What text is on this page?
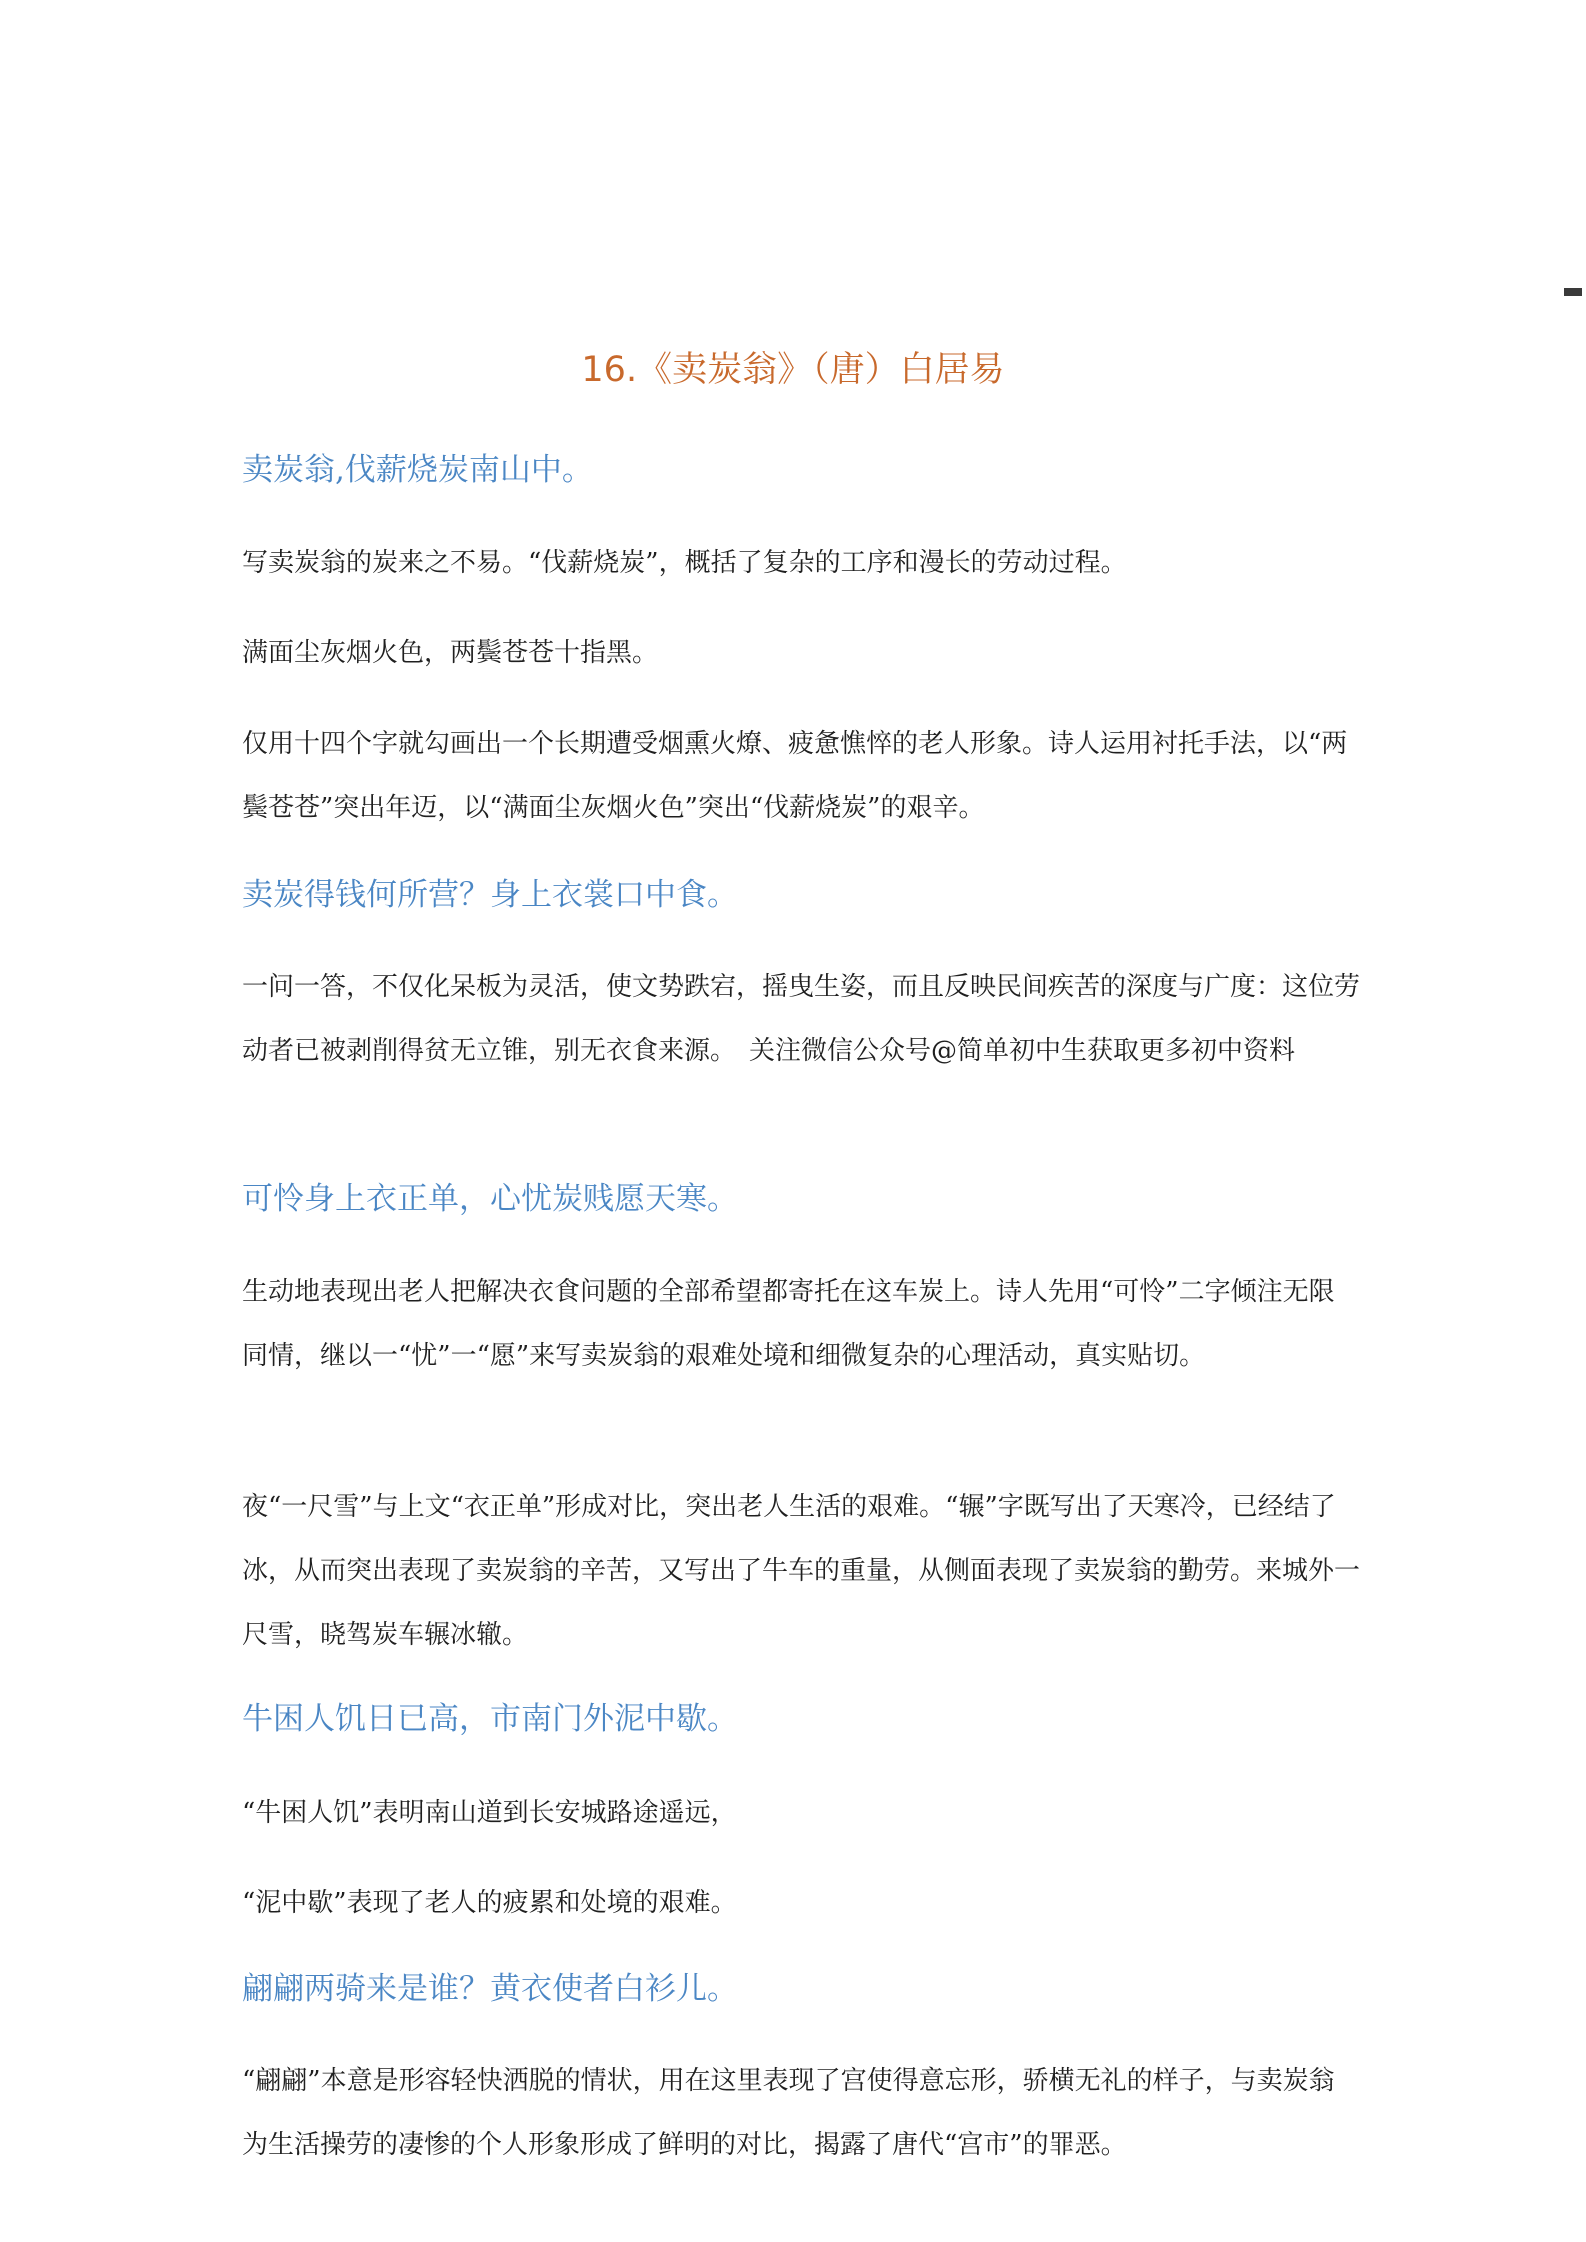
16.《卖炭翁》（唐）白居易
卖炭翁,伐薪烧炭南山中。

写卖炭翁的炭来之不易。“伐薪烧炭”，概括了复杂的工序和漫长的劳动过程。

满面尘灰烟火色，两鬓苍苍十指黑。

仅用十四个字就勾画出一个长期遭受烟熏火燎、疲惫憔悴的老人形象。诗人运用衬托手法，以“两鬓苍苍”突出年迈，以“满面尘灰烟火色”突出“伐薪烧炭”的艰辛。

卖炭得钱何所营？身上衣裳口中食。

一问一答，不仅化呆板为灵活，使文势跌宕，摇曳生姿，而且反映民间疾苦的深度与广度：这位劳动者已被剥削得贫无立锥，别无衣食来源。　关注微信公众号@简单初中生获取更多初中资料

可怜身上衣正单，心忧炭贱愿天寒。

生动地表现出老人把解决衣食问题的全部希望都寄托在这车炭上。诗人先用“可怜”二字倾注无限同情，继以一“忧”一“愿”来写卖炭翁的艰难处境和细微复杂的心理活动，真实贴切。

夜“一尺雪”与上文“衣正单”形成对比，突出老人生活的艰难。“辗”字既写出了天寒冷，已经结了冰，从而突出表现了卖炭翁的辛苦，又写出了牛车的重量，从侧面表现了卖炭翁的勤劳。来城外一尺雪，晓驾炭车辗冰辙。

牛困人饥日已高，市南门外泥中歇。

“牛困人饥”表明南山道到长安城路途遥远，

“泥中歇”表现了老人的疲累和处境的艰难。

翩翩两骑来是谁？黄衣使者白衫儿。

“翩翩”本意是形容轻快洒脱的情状，用在这里表现了宫使得意忘形，骄横无礼的样子，与卖炭翁为生活操劳的凄惨的个人形象形成了鲜明的对比，揭露了唐代“宫市”的罪恶。
